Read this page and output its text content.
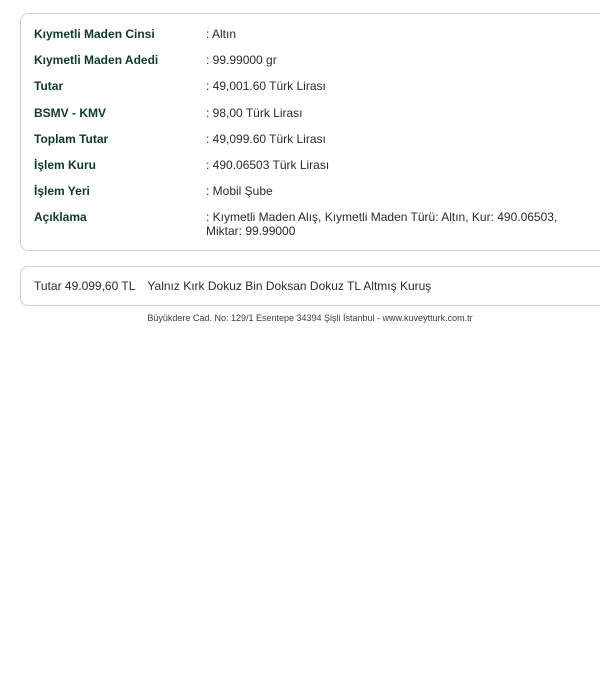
Kıymetli Maden Cinsi	: Altın
Kıymetli Maden Adedi	: 99.99000 gr
Tutar	: 49,001.60 Türk Lirası
BSMV - KMV	: 98,00 Türk Lirası
Toplam Tutar	: 49,099.60 Türk Lirası
İşlem Kuru	: 490.06503 Türk Lirası
İşlem Yeri	: Mobil Şube
Açıklama	: Kıymetli Maden Alış, Kıymetli Maden Türü: Altın, Kur: 490.06503, Miktar: 99.99000
Tutar 49.099,60 TL Yalnız Kırk Dokuz Bin Doksan Dokuz TL Altmış Kuruş
Büyükdere Cad. No: 129/1 Esentepe 34394 Şişli İstanbul - www.kuveytturk.com.tr
